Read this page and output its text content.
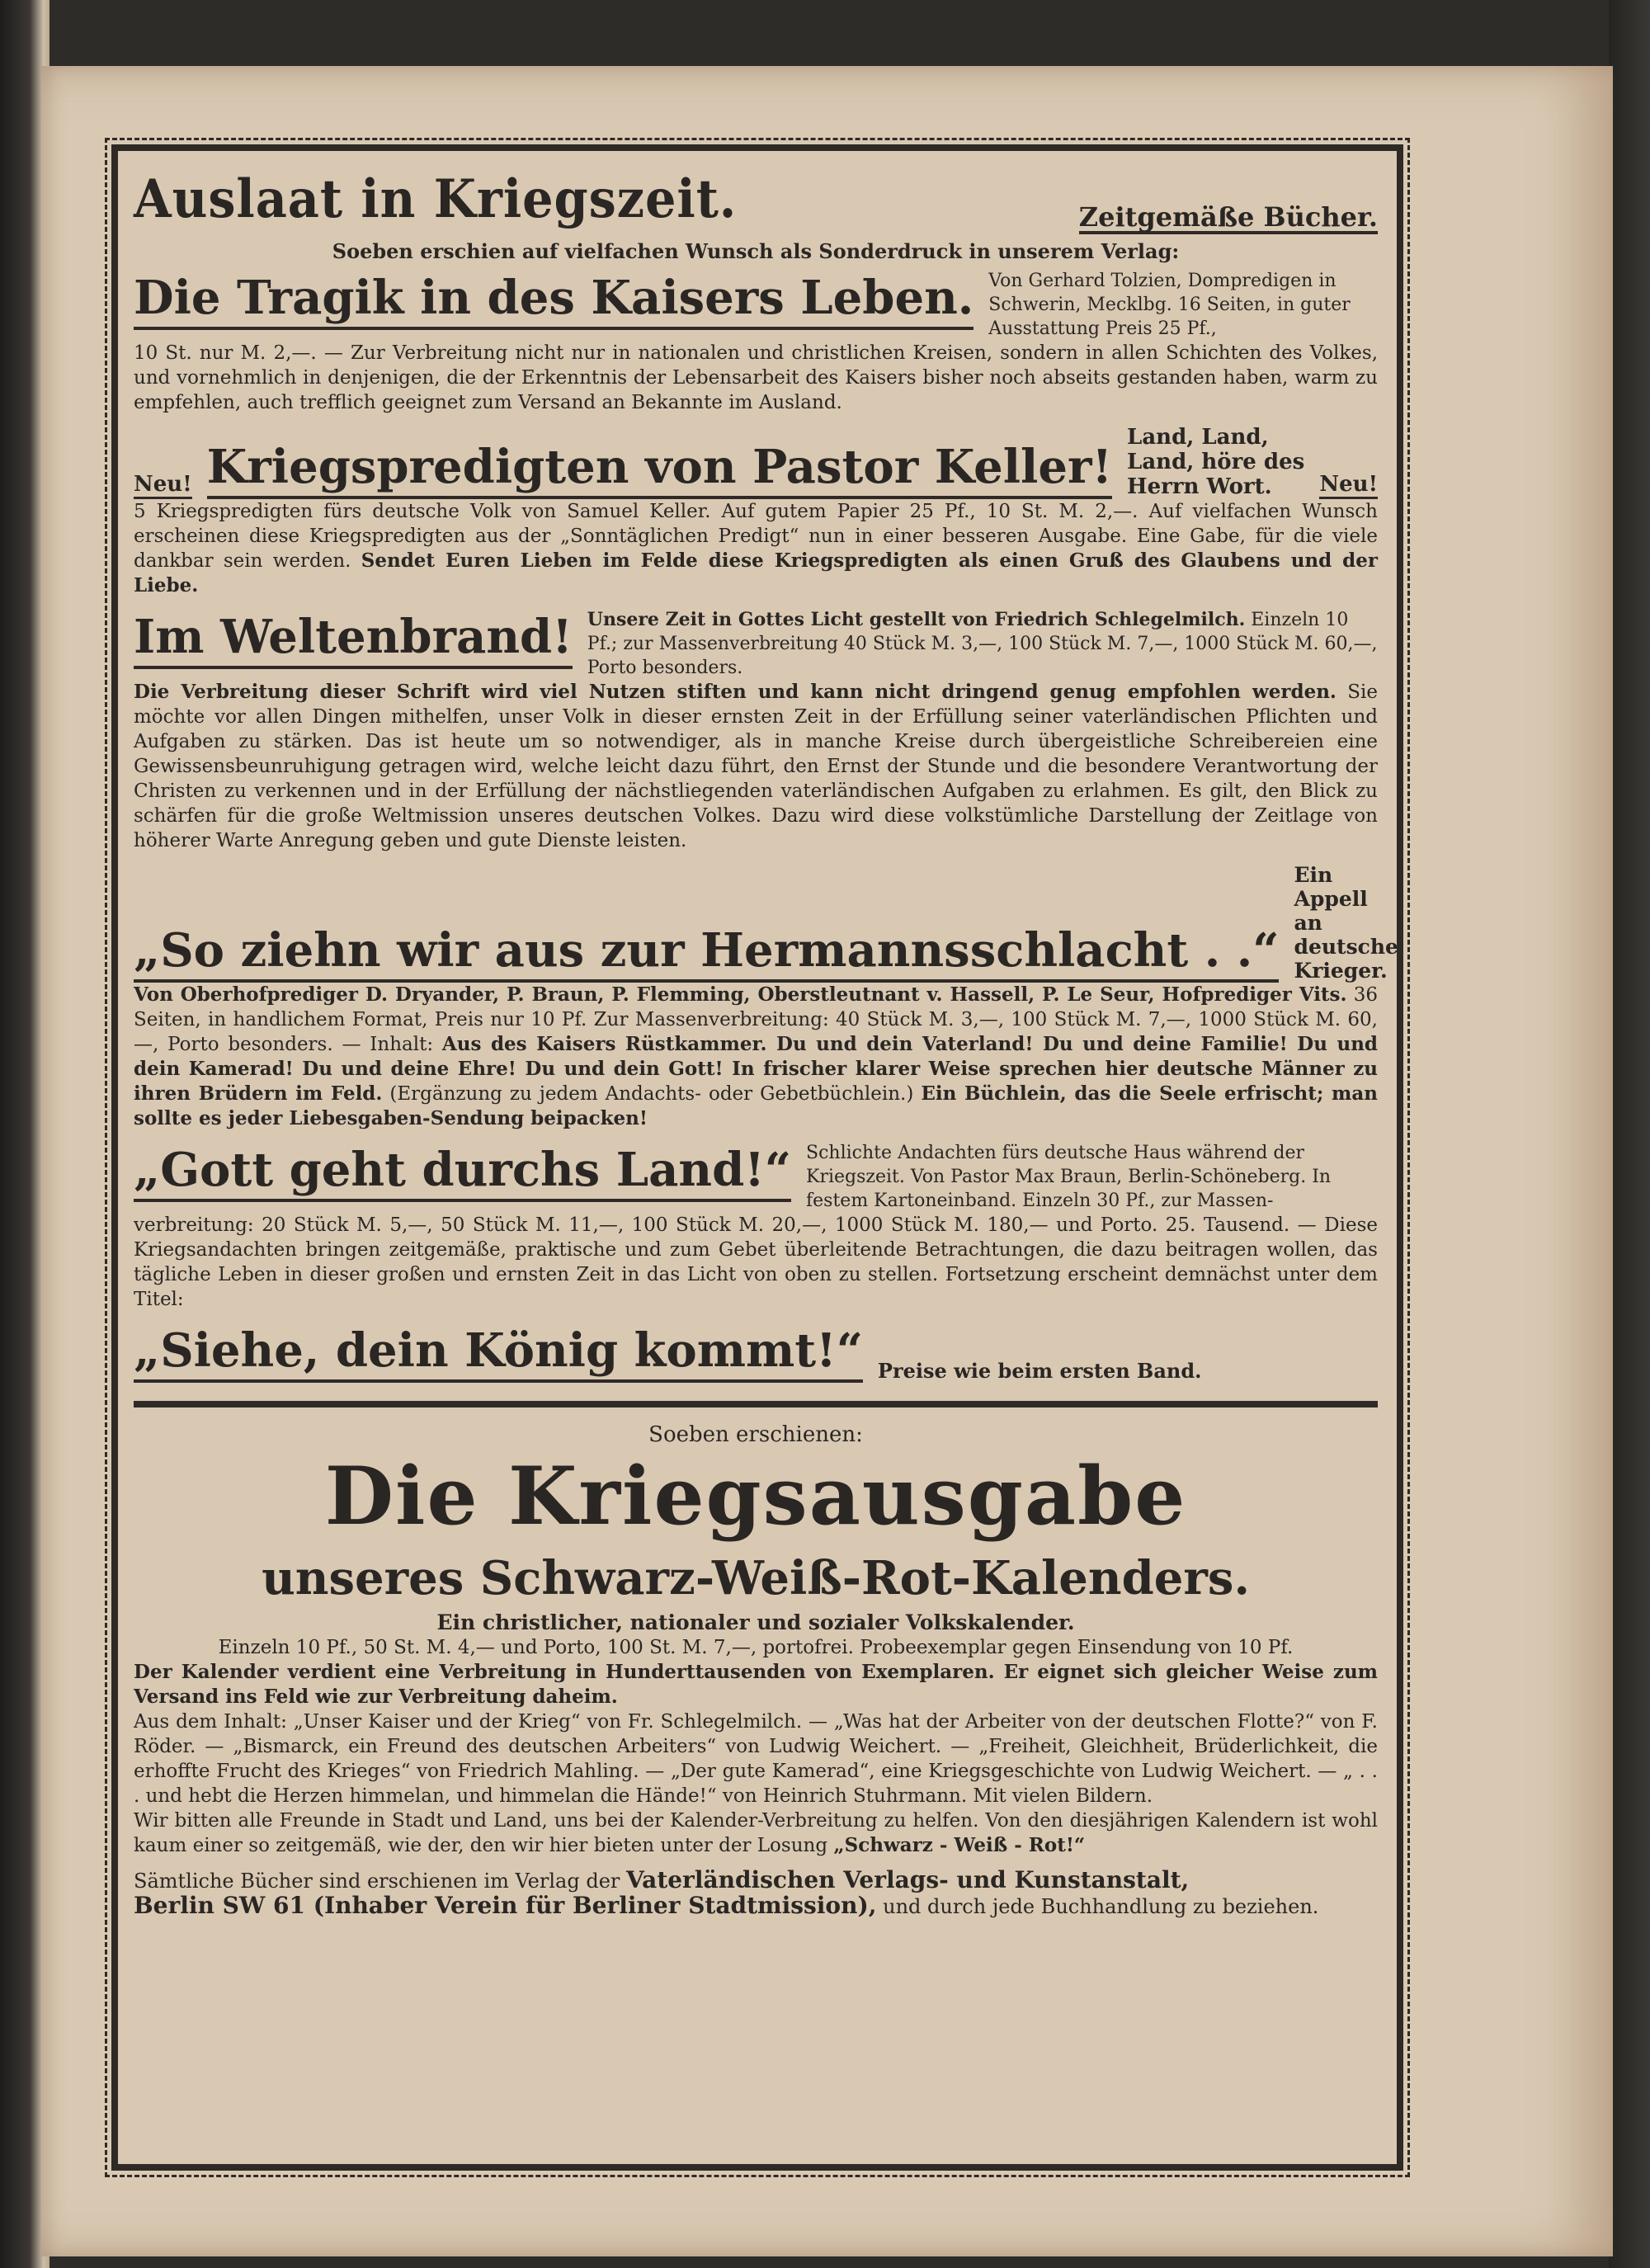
Auslaat in Kriegszeit.	Zeitgemäße Bücher.
Soeben erschien auf vielfachen Wunsch als Sonderdruck in unserem Verlag:
Die Tragik in des Kaisers Leben. Von Gerhard Tolzien, Dompredigen in Schwerin, Mecklbg. 16 Seiten, in guter Ausstattung Preis 25 Pf.,
10 St. nur M. 2,—. — Zur Verbreitung nicht nur in nationalen und christlichen Kreisen, sondern in allen Schichten des Volkes, und vornehmlich in denjenigen, die der Erkenntnis der Lebensarbeit des Kaisers bisher noch abseits gestanden haben, warm zu empfehlen, auch trefflich geeignet zum Versand an Bekannte im Ausland.
Neu! Kriegspredigten von Pastor Keller!
Land, Land, Land, höre des Herrn Wort.	Neu!
5 Kriegspredigten fürs deutsche Volk von Samuel Keller. Auf gutem Papier 25 Pf., 10 St. M. 2,—. Auf vielfachen Wunsch erscheinen diese Kriegspredigten aus der „Sonntäglichen Predigt“ nun in einer besseren Ausgabe. Eine Gabe, für die viele dankbar sein werden. Sendet Euren Lieben im Felde diese Kriegspredigten als einen Gruß des Glaubens und der Liebe.
Im Weltenbrand! Unsere Zeit in Gottes Licht gestellt von Friedrich Schlegelmilch. Einzeln 10 Pf.; zur Massenverbreitung 40 Stück M. 3,—, 100 Stück M. 7,—, 1000 Stück M. 60,—, Porto besonders.
Die Verbreitung dieser Schrift wird viel Nutzen stiften und kann nicht dringend genug empfohlen werden. Sie möchte vor allen Dingen mithelfen, unser Volk in dieser ernsten Zeit in der Erfüllung seiner vaterländischen Pflichten und Aufgaben zu stärken. Das ist heute um so notwendiger, als in manche Kreise durch übergeistliche Schreibereien eine Gewissensbeunruhigung getragen wird, welche leicht dazu führt, den Ernst der Stunde und die besondere Verantwortung der Christen zu verkennen und in der Erfüllung der nächstliegenden vaterländischen Aufgaben zu erlahmen. Es gilt, den Blick zu schärfen für die große Weltmission unseres deutschen Volkes. Dazu wird diese volkstümliche Darstellung der Zeitlage von höherer Warte Anregung geben und gute Dienste leisten.
„So ziehn wir aus zur Hermannsschlacht . .“
Ein Appell an deutsche Krieger.
Von Oberhofprediger D. Dryander, P. Braun, P. Flemming, Oberstleutnant v. Hassell, P. Le Seur, Hofprediger Vits. 36 Seiten, in handlichem Format, Preis nur 10 Pf. Zur Massenverbreitung: 40 Stück M. 3,—, 100 Stück M. 7,—, 1000 Stück M. 60,—, Porto besonders. — Inhalt: Aus des Kaisers Rüstkammer. Du und dein Vaterland! Du und deine Familie! Du und dein Kamerad! Du und deine Ehre! Du und dein Gott! In frischer klarer Weise sprechen hier deutsche Männer zu ihren Brüdern im Feld. (Ergänzung zu jedem Andachts- oder Gebetbüchlein.) Ein Büchlein, das die Seele erfrischt; man sollte es jeder Liebesgaben-Sendung beipacken!
„Gott geht durchs Land!“ Schlichte Andachten fürs deutsche Haus während der Kriegszeit. Von Pastor Max Braun, Berlin-Schöneberg. In festem Kartoneinband. Einzeln 30 Pf., zur Massen-
verbreitung: 20 Stück M. 5,—, 50 Stück M. 11,—, 100 Stück M. 20,—, 1000 Stück M. 180,— und Porto. 25. Tausend. — Diese Kriegsandachten bringen zeitgemäße, praktische und zum Gebet überleitende Betrachtungen, die dazu beitragen wollen, das tägliche Leben in dieser großen und ernsten Zeit in das Licht von oben zu stellen. Fortsetzung erscheint demnächst unter dem Titel:
„Siehe, dein König kommt!“ Preise wie beim ersten Band.
Soeben erschienen:
Die Kriegsausgabe
unseres Schwarz-Weiß-Rot-Kalenders.
Ein christlicher, nationaler und sozialer Volkskalender.
Einzeln 10 Pf., 50 St. M. 4,— und Porto, 100 St. M. 7,—, portofrei. Probeexemplar gegen Einsendung von 10 Pf.
Der Kalender verdient eine Verbreitung in Hunderttausenden von Exemplaren. Er eignet sich gleicher Weise zum Versand ins Feld wie zur Verbreitung daheim.
Aus dem Inhalt: „Unser Kaiser und der Krieg“ von Fr. Schlegelmilch. — „Was hat der Arbeiter von der deutschen Flotte?“ von F. Röder. — „Bismarck, ein Freund des deutschen Arbeiters“ von Ludwig Weichert. — „Freiheit, Gleichheit, Brüderlichkeit, die erhoffte Frucht des Krieges“ von Friedrich Mahling. — „Der gute Kamerad“, eine Kriegsgeschichte von Ludwig Weichert. — „ . . . und hebt die Herzen himmelan, und himmelan die Hände!“ von Heinrich Stuhrmann. Mit vielen Bildern.
Wir bitten alle Freunde in Stadt und Land, uns bei der Kalender-Verbreitung zu helfen. Von den diesjährigen Kalendern ist wohl kaum einer so zeitgemäß, wie der, den wir hier bieten unter der Losung „Schwarz - Weiß - Rot!“
Sämtliche Bücher sind erschienen im Verlag der Vaterländischen Verlags- und Kunstanstalt,
Berlin SW 61 (Inhaber Verein für Berliner Stadtmission), und durch jede Buchhandlung zu beziehen.
